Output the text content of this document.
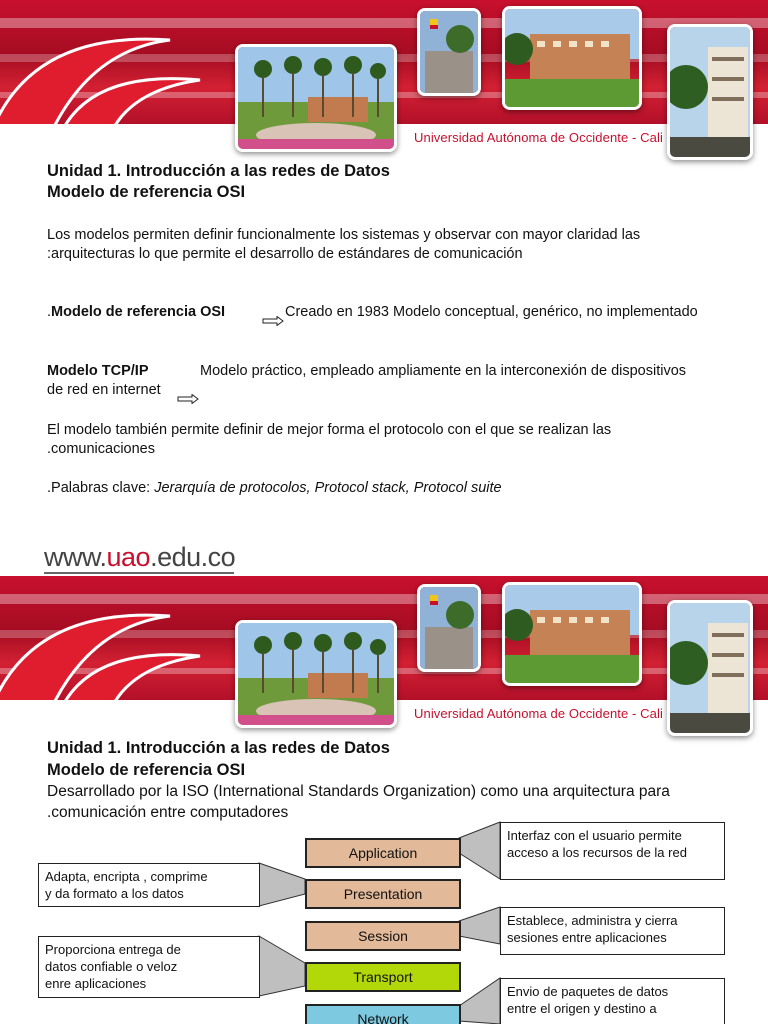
Universidad Autónoma de Occidente - Cali
Unidad 1. Introducción a las redes de Datos
Modelo de referencia OSI
Los modelos permiten definir funcionalmente los sistemas y observar con mayor claridad las
:arquitecturas lo que permite el desarrollo de estándares de comunicación
.Modelo de referencia OSI	Creado en 1983 Modelo conceptual, genérico, no implementado
Modelo TCP/IP	Modelo práctico, empleado ampliamente en la interconexión de dispositivos
de red en internet
El modelo también permite definir de mejor forma el protocolo con el que se realizan las
.comunicaciones
.Palabras clave: Jerarquía de protocolos, Protocol stack, Protocol suite
www.uao.edu.co
Universidad Autónoma de Occidente - Cali
Unidad 1. Introducción a las redes de Datos
Modelo de referencia OSI
Desarrollado por la ISO (International Standards Organization) como una arquitectura para
.comunicación entre computadores
Application
Presentation
Session
Transport
Network
Interfaz con el usuario permite
acceso a los recursos de la red
Adapta, encripta , comprime
y da formato a los datos
Establece, administra y cierra
sesiones entre aplicaciones
Proporciona entrega de
datos confiable o veloz
enre aplicaciones
Envio de paquetes de datos
entre el origen y destino a
